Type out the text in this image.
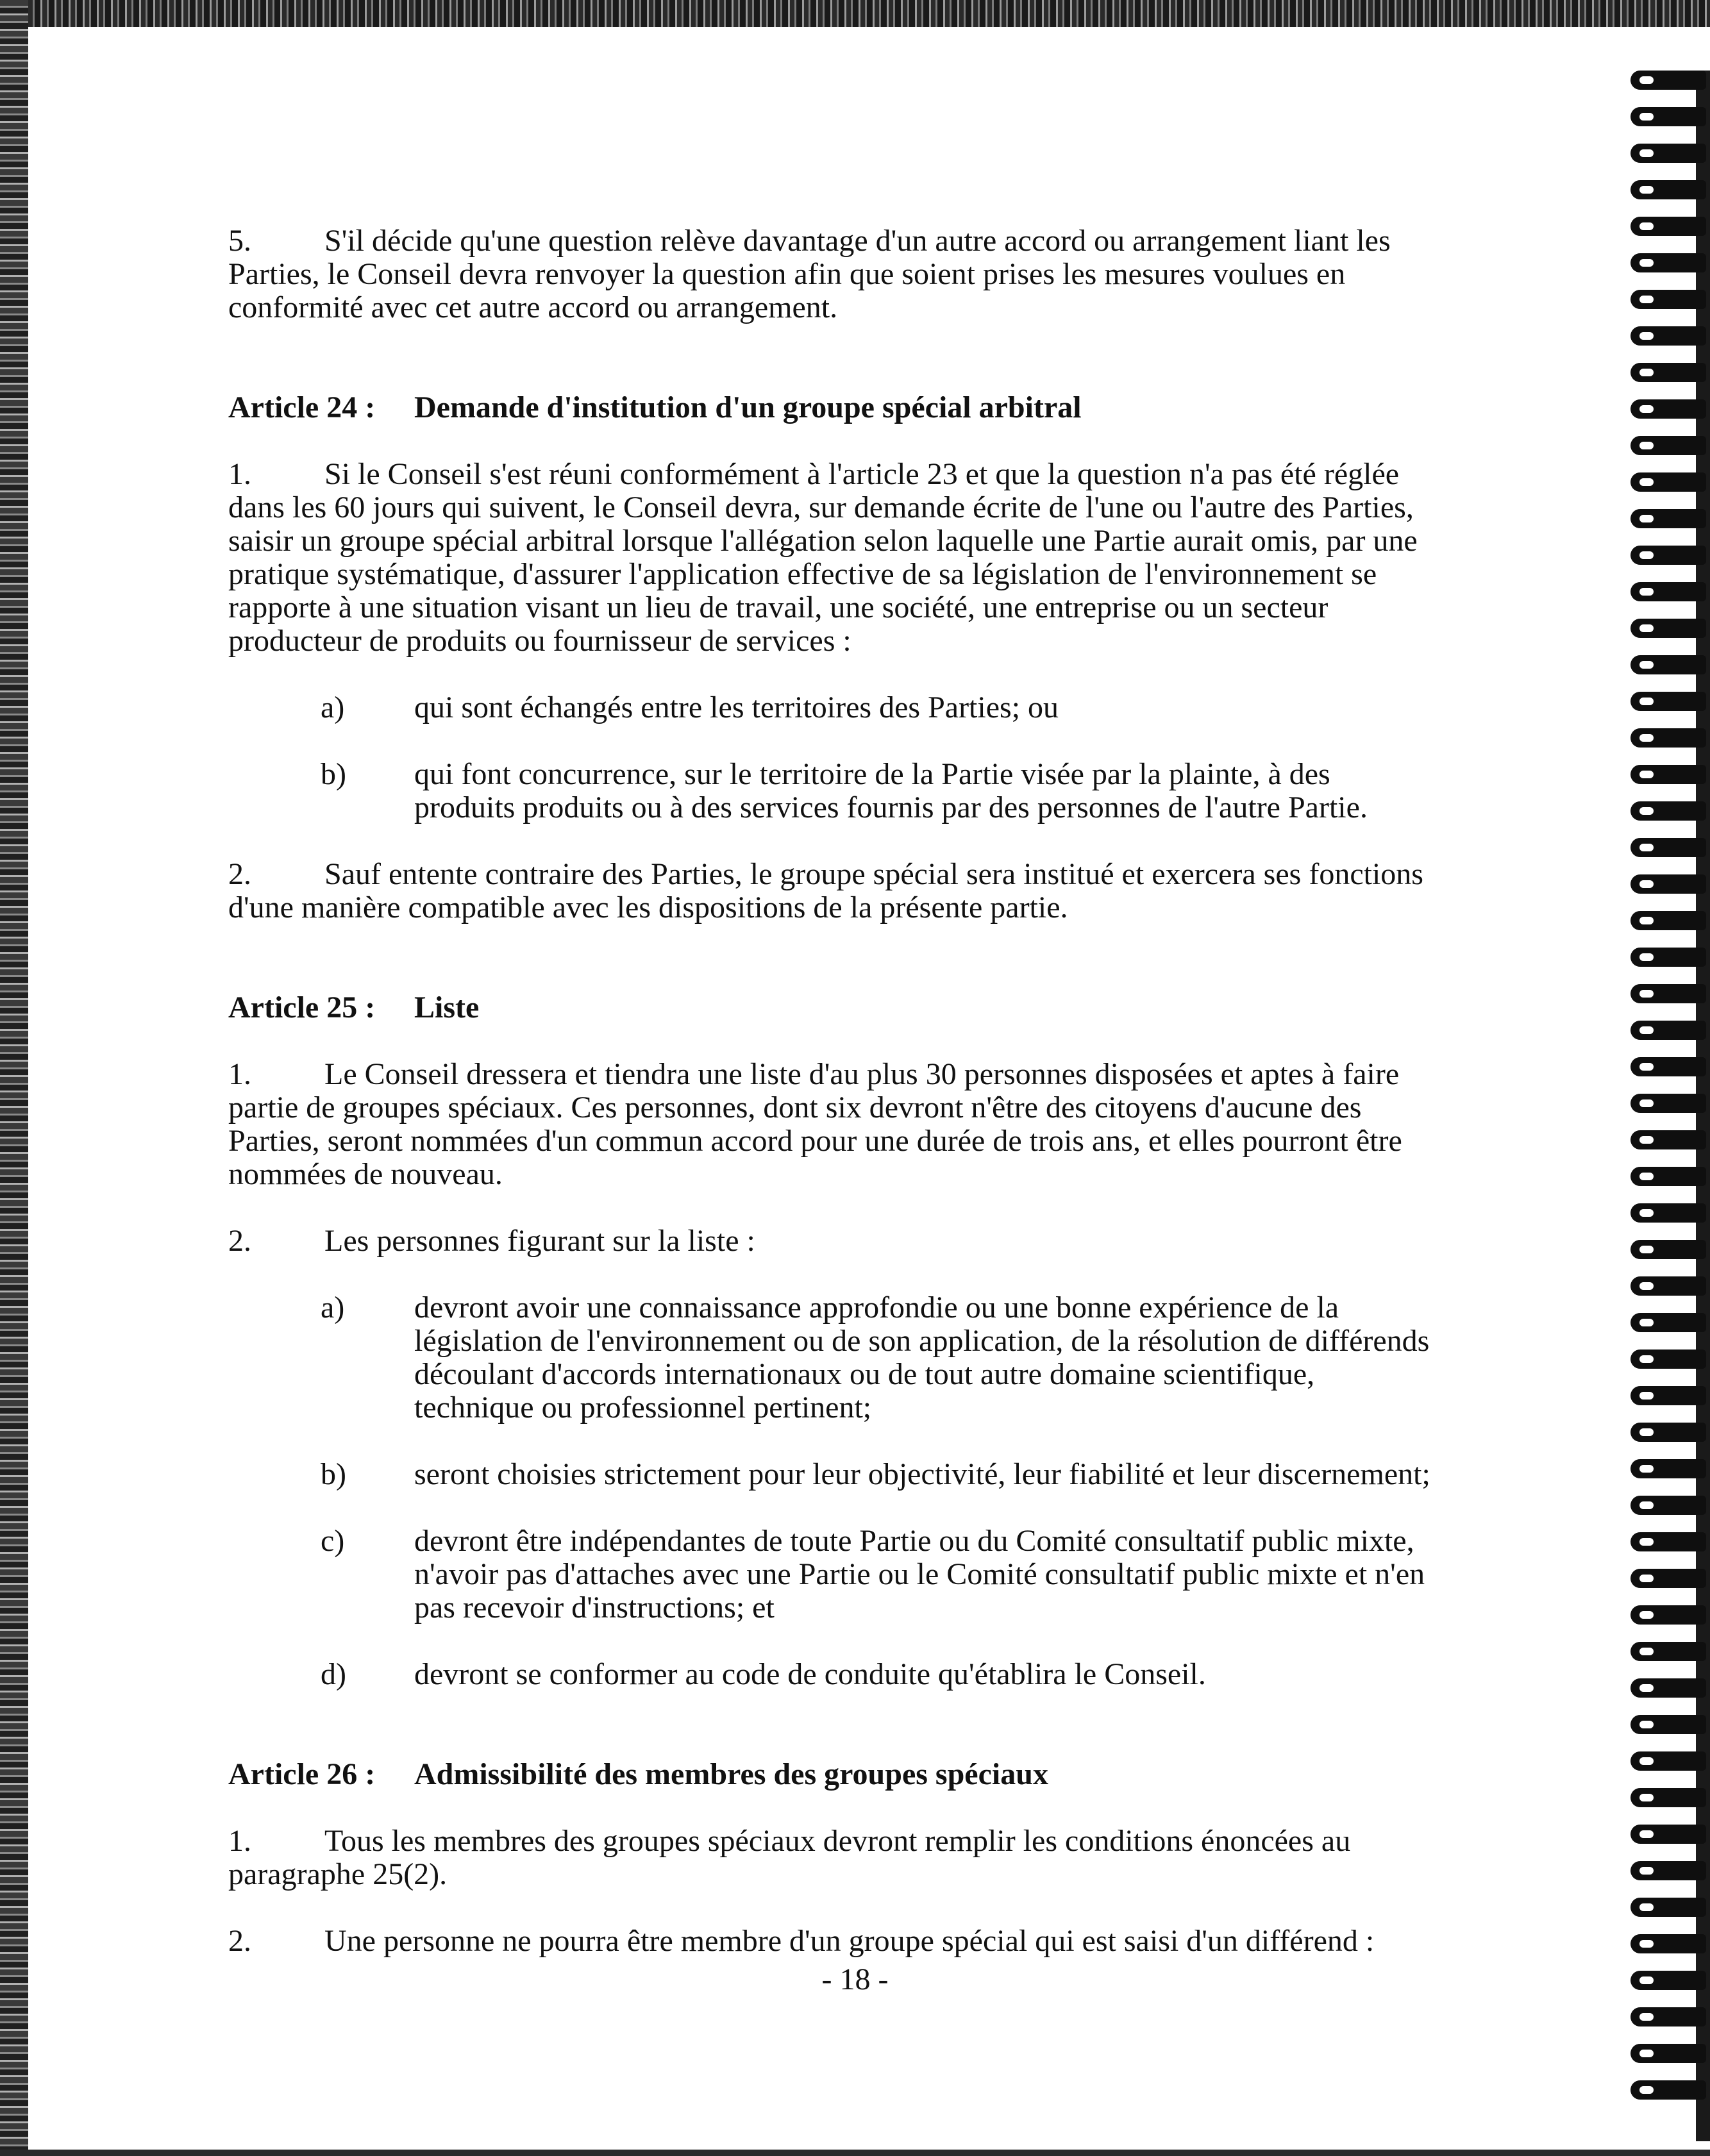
5. S'il décide qu'une question relève davantage d'un autre accord ou arrangement liant les
Parties, le Conseil devra renvoyer la question afin que soient prises les mesures voulues en
conformité avec cet autre accord ou arrangement.

Article 24 : Demande d'institution d'un groupe spécial arbitral

1. Si le Conseil s'est réuni conformément à l'article 23 et que la question n'a pas été réglée
dans les 60 jours qui suivent, le Conseil devra, sur demande écrite de l'une ou l'autre des Parties,
saisir un groupe spécial arbitral lorsque l'allégation selon laquelle une Partie aurait omis, par une
pratique systématique, d'assurer l'application effective de sa législation de l'environnement se
rapporte à une situation visant un lieu de travail, une société, une entreprise ou un secteur
producteur de produits ou fournisseur de services :

a) qui sont échangés entre les territoires des Parties; ou

b) qui font concurrence, sur le territoire de la Partie visée par la plainte, à des
produits produits ou à des services fournis par des personnes de l'autre Partie.

2. Sauf entente contraire des Parties, le groupe spécial sera institué et exercera ses fonctions
d'une manière compatible avec les dispositions de la présente partie.

Article 25 : Liste

1. Le Conseil dressera et tiendra une liste d'au plus 30 personnes disposées et aptes à faire
partie de groupes spéciaux. Ces personnes, dont six devront n'être des citoyens d'aucune des
Parties, seront nommées d'un commun accord pour une durée de trois ans, et elles pourront être
nommées de nouveau.

2. Les personnes figurant sur la liste :

a) devront avoir une connaissance approfondie ou une bonne expérience de la
législation de l'environnement ou de son application, de la résolution de différends
découlant d'accords internationaux ou de tout autre domaine scientifique,
technique ou professionnel pertinent;

b) seront choisies strictement pour leur objectivité, leur fiabilité et leur discernement;

c) devront être indépendantes de toute Partie ou du Comité consultatif public mixte,
n'avoir pas d'attaches avec une Partie ou le Comité consultatif public mixte et n'en
pas recevoir d'instructions; et

d) devront se conformer au code de conduite qu'établira le Conseil.

Article 26 : Admissibilité des membres des groupes spéciaux

1. Tous les membres des groupes spéciaux devront remplir les conditions énoncées au
paragraphe 25(2).

2. Une personne ne pourra être membre d'un groupe spécial qui est saisi d'un différend :

- 18 -
